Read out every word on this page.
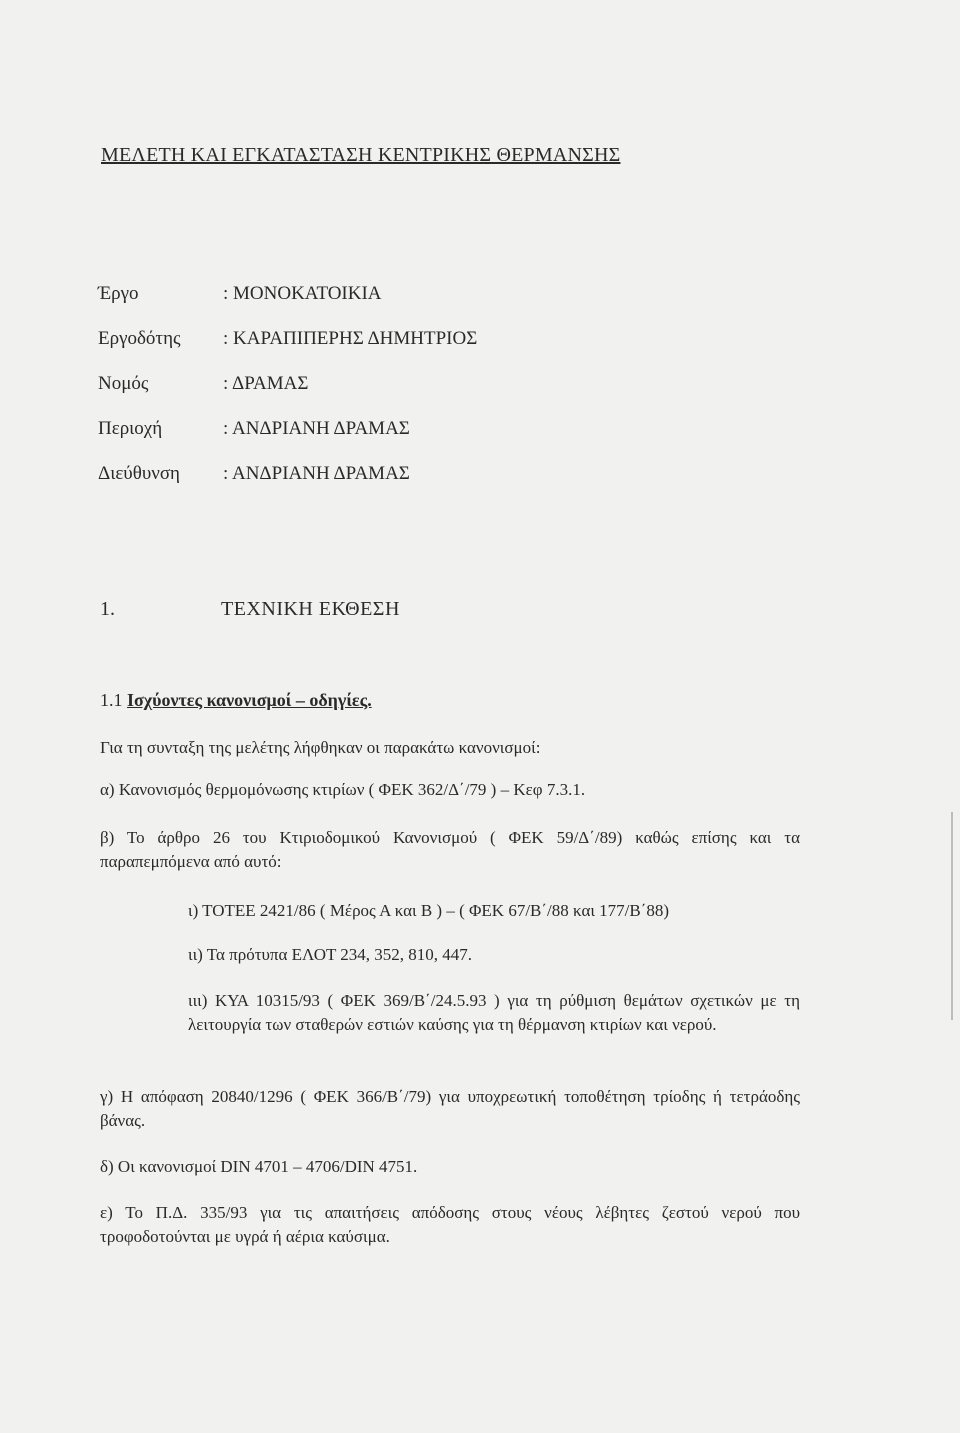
ΜΕΛΕΤΗ ΚΑΙ ΕΓΚΑΤΑΣΤΑΣΗ ΚΕΝΤΡΙΚΗΣ ΘΕΡΜΑΝΣΗΣ
Έργο	: ΜΟΝΟΚΑΤΟΙΚΙΑ
Εργοδότης : ΚΑΡΑΠΙΠΕΡΗΣ ΔΗΜΗΤΡΙΟΣ
Νομός	: ΔΡΑΜΑΣ
Περιοχή	: ΑΝΔΡΙΑΝΗ ΔΡΑΜΑΣ
Διεύθυνση : ΑΝΔΡΙΑΝΗ ΔΡΑΜΑΣ
1.	ΤΕΧΝΙΚΗ ΕΚΘΕΣΗ
1.1 Ισχύοντες κανονισμοί – οδηγίες.
Για τη συνταξη της μελέτης λήφθηκαν οι παρακάτω κανονισμοί:
α) Κανονισμός θερμομόνωσης κτιρίων ( ΦΕΚ 362/Δ΄/79 ) – Κεφ 7.3.1.
β) Το άρθρο 26 του Κτιριοδομικού Κανονισμού ( ΦΕΚ 59/Δ΄/89) καθώς επίσης και τα παραπεμπόμενα από αυτό:
ι) ΤΟΤΕΕ 2421/86 ( Μέρος Α και Β ) – ( ΦΕΚ 67/Β΄/88 και 177/Β΄88)
ιι) Τα πρότυπα ΕΛΟΤ 234, 352, 810, 447.
ιιι) ΚΥΑ 10315/93 ( ΦΕΚ 369/Β΄/24.5.93 ) για τη ρύθμιση θεμάτων σχετικών με τη λειτουργία των σταθερών εστιών καύσης για τη θέρμανση κτιρίων και νερού.
γ) Η απόφαση 20840/1296 ( ΦΕΚ 366/Β΄/79) για υποχρεωτική τοποθέτηση τρίοδης ή τετράοδης βάνας.
δ) Οι κανονισμοί DIN 4701 – 4706/DIN 4751.
ε) Το Π.Δ. 335/93 για τις απαιτήσεις απόδοσης στους νέους λέβητες ζεστού νερού που τροφοδοτούνται με υγρά ή αέρια καύσιμα.
